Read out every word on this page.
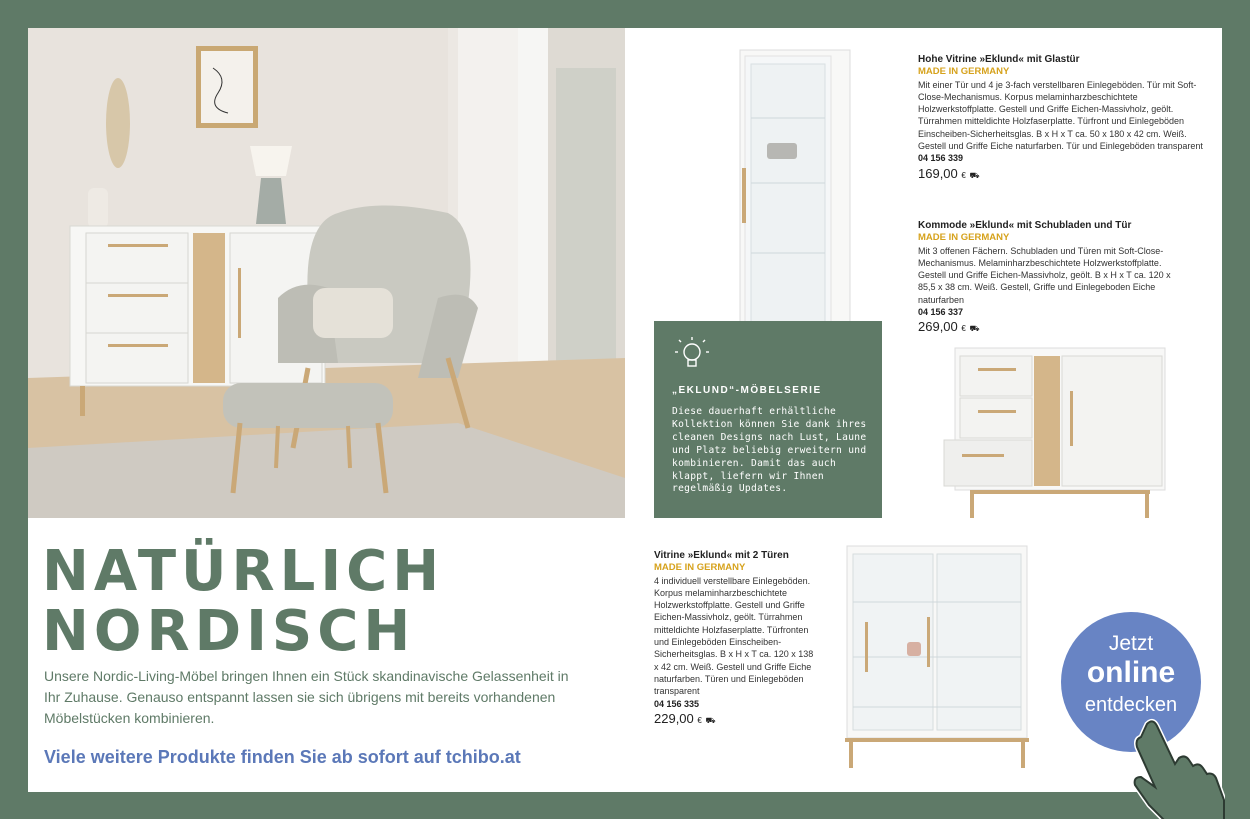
NATÜRLICH
NORDISCH

Unsere Nordic-Living-Möbel bringen Ihnen ein Stück skandinavische Gelassenheit in Ihr Zuhause. Genauso entspannt lassen sie sich übrigens mit bereits vorhandenen Möbelstücken kombinieren.

Viele weitere Produkte finden Sie ab sofort auf tchibo.at

„EKLUND“-MÖBELSERIE

Diese dauerhaft erhältliche Kollektion können Sie dank ihres cleanen Designs nach Lust, Laune und Platz beliebig erweitern und kombinieren. Damit das auch klappt, liefern wir Ihnen regelmäßig Updates.

Hohe Vitrine »Eklund« mit Glastür
MADE IN GERMANY

Mit einer Tür und 4 je 3-fach verstellbaren Einlegeböden. Tür mit Soft-Close-Mechanismus. Korpus melaminharzbeschichtete Holzwerkstoffplatte. Gestell und Griffe Eichen-Massivholz, geölt. Türrahmen mitteldichte Holzfaserplatte. Türfront und Einlegeböden Einscheiben-Sicherheitsglas. B x H x T ca. 50 x 180 x 42 cm. Weiß. Gestell und Griffe Eiche naturfarben. Tür und Einlegeböden transparent

04 156 339
169,00 € ⛟
Kommode »Eklund« mit Schubladen und Tür
MADE IN GERMANY

Mit 3 offenen Fächern. Schubladen und Türen mit Soft-Close-Mechanismus. Melaminharzbeschichtete Holzwerkstoffplatte. Gestell und Griffe Eichen-Massivholz, geölt. B x H x T ca. 120 x 85,5 x 38 cm. Weiß. Gestell, Griffe und Einlegeboden Eiche naturfarben

04 156 337
269,00 € ⛟
Vitrine »Eklund« mit 2 Türen
MADE IN GERMANY

4 individuell verstellbare Einlegeböden. Korpus melaminharzbeschichtete Holzwerkstoffplatte. Gestell und Griffe Eichen-Massivholz, geölt. Türrahmen mitteldichte Holzfaserplatte. Türfronten und Einlegeböden Einscheiben-Sicherheitsglas. B x H x T ca. 120 x 138 x 42 cm. Weiß. Gestell und Griffe Eiche naturfarben. Türen und Einlegeböden transparent

04 156 335
229,00 € ⛟
Jetzt
online
entdecken
